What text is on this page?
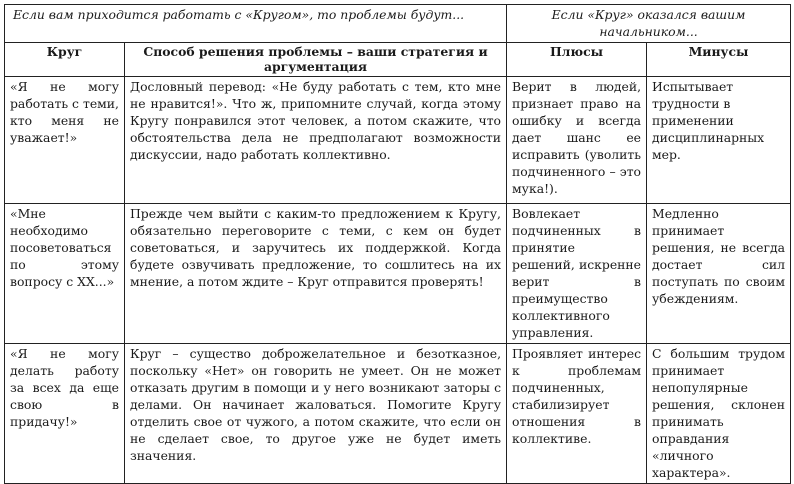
Если вам приходится работать с «Кругом», то проблемы будут...		Если «Круг» оказался вашим начальником...	
Круг	Способ решения проблемы – ваши стратегия и аргументация	Плюсы	Минусы
«Я не могу работать с теми, кто меня не уважает!»	Дословный перевод: «Не буду работать с тем, кто мне не нравится!». Что ж, припомните случай, когда этому Кругу понравился этот человек, а потом скажите, что обстоятельства дела не предполагают возможности дискуссии, надо работать коллективно.	Верит в людей, признает право на ошибку и всегда дает шанс ее исправить (уволить подчиненного – это мука!).	Испытывает трудности в применении дисциплинарных мер.
«Мне необходимо посоветоваться по этому вопросу с ХХ...»	Прежде чем выйти с каким-то предложением к Кругу, обязательно переговорите с теми, с кем он будет советоваться, и заручитесь их поддержкой. Когда будете озвучивать предложение, то сошлитесь на их мнение, а потом ждите – Круг отправится проверять!	Вовлекает подчиненных в принятие решений, искренне верит в преимущество коллективного управления.	Медленно принимает решения, не всегда достает сил поступать по своим убеждениям.
«Я не могу делать работу за всех да еще свою в придачу!»	Круг – существо доброжелательное и безотказное, поскольку «Нет» он говорить не умеет. Он не может отказать другим в помощи и у него возникают заторы с делами. Он начинает жаловаться. Помогите Кругу отделить свое от чужого, а потом скажите, что если он не сделает свое, то другое уже не будет иметь значения.	Проявляет интерес к проблемам подчиненных, стабилизирует отношения в коллективе.	С большим трудом принимает непопулярные решения, склонен принимать оправдания «личного характера».
